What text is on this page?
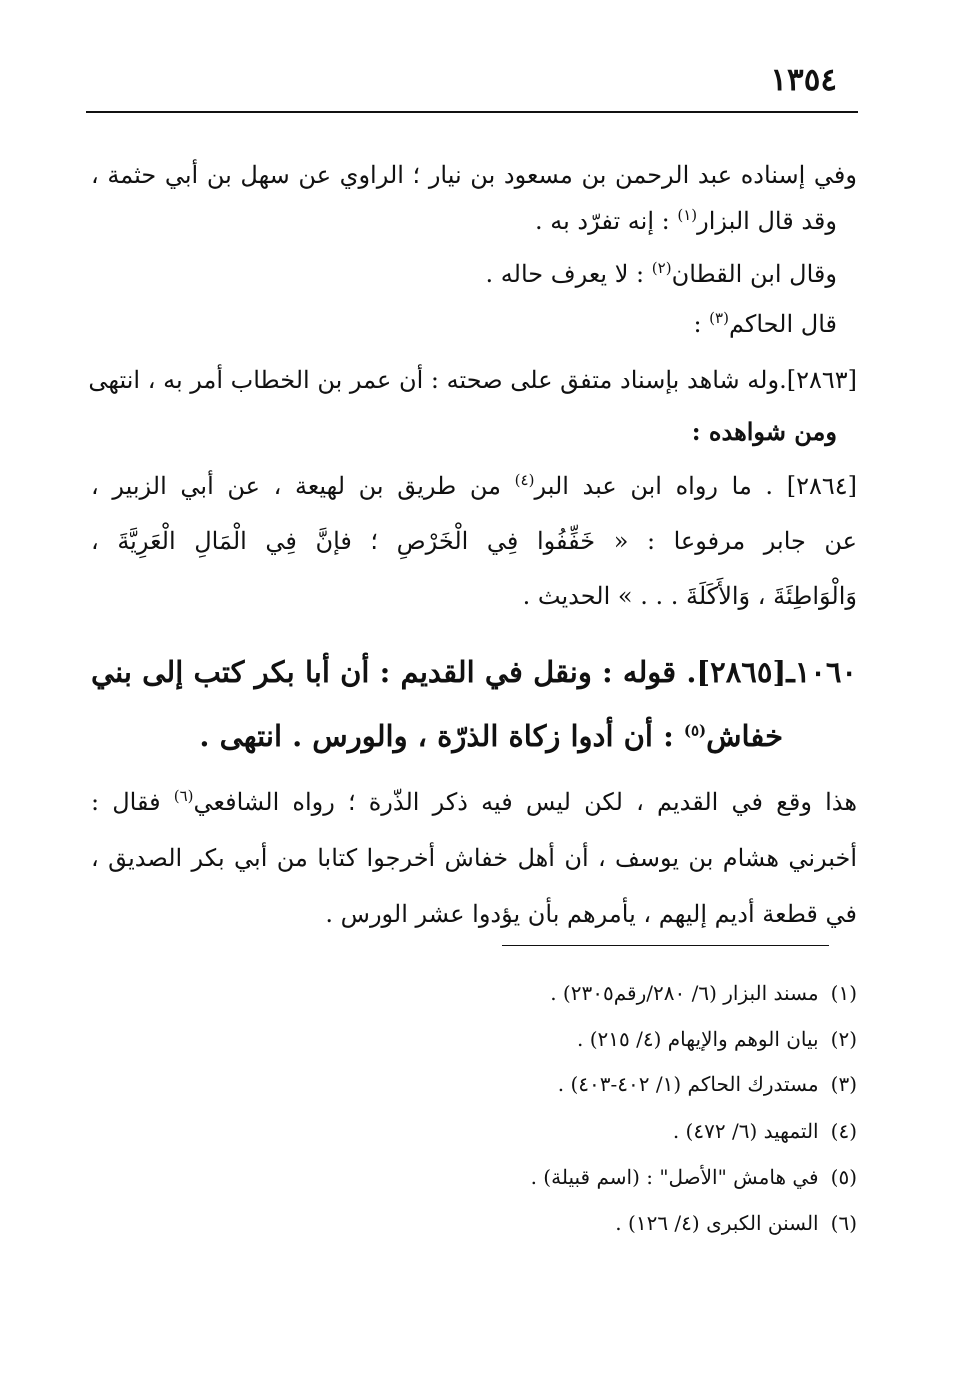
١٣٥٤
وفي إسناده عبد الرحمن بن مسعود بن نيار ؛ الراوي عن سهل بن أبي حثمة ،
وقد قال البزار$^{(١)}$ : إنه تفرّد به .
وقال ابن القطان$^{(٢)}$ : لا يعرف حاله .
قال الحاكم$^{(٣)}$ :
[٢٨٦٣].وله شاهد بإسناد متفق على صحته : أن عمر بن الخطاب أمر به ، انتهى
ومن شواهده :
[٢٨٦٤] . ما رواه ابن عبد البر$^{(٤)}$ من طريق بن لهيعة ، عن أبي الزبير ،
عن جابر مرفوعا : « خَفِّفُوا فِي الْخَرْصِ ؛ فإنَّ فِي الْمَالِ الْعَرِيَّةَ ،
وَالْوَاطِئَةَ ، وَالأَكَلَةَ . . . » الحديث .
١٠٦٠ـ[٢٨٦٥]. قوله : ونقل في القديم : أن أبا بكر كتب إلى بني
خفاش$^{(٥)}$ : أن أدوا زكاة الذرّة ، والورس . انتهى .
هذا وقع في القديم ، لكن ليس فيه ذكر الذّرة ؛ رواه الشافعي$^{(٦)}$ فقال :
أخبرني هشام بن يوسف ، أن أهل خفاش أخرجوا كتابا من أبي بكر الصديق ،
في قطعة أديم إليهم ، يأمرهم بأن يؤدوا عشر الورس .
(١)مسند البزار (٦/ ٢٨٠/رقم٢٣٠٥) .
(٢)بيان الوهم والإيهام (٤/ ٢١٥) .
(٣)مستدرك الحاكم (١/ ٤٠٢-٤٠٣) .
(٤)التمهيد (٦/ ٤٧٢) .
(٥)في هامش "الأصل" : (اسم قبيلة) .
(٦)السنن الكبرى (٤/ ١٢٦) .
